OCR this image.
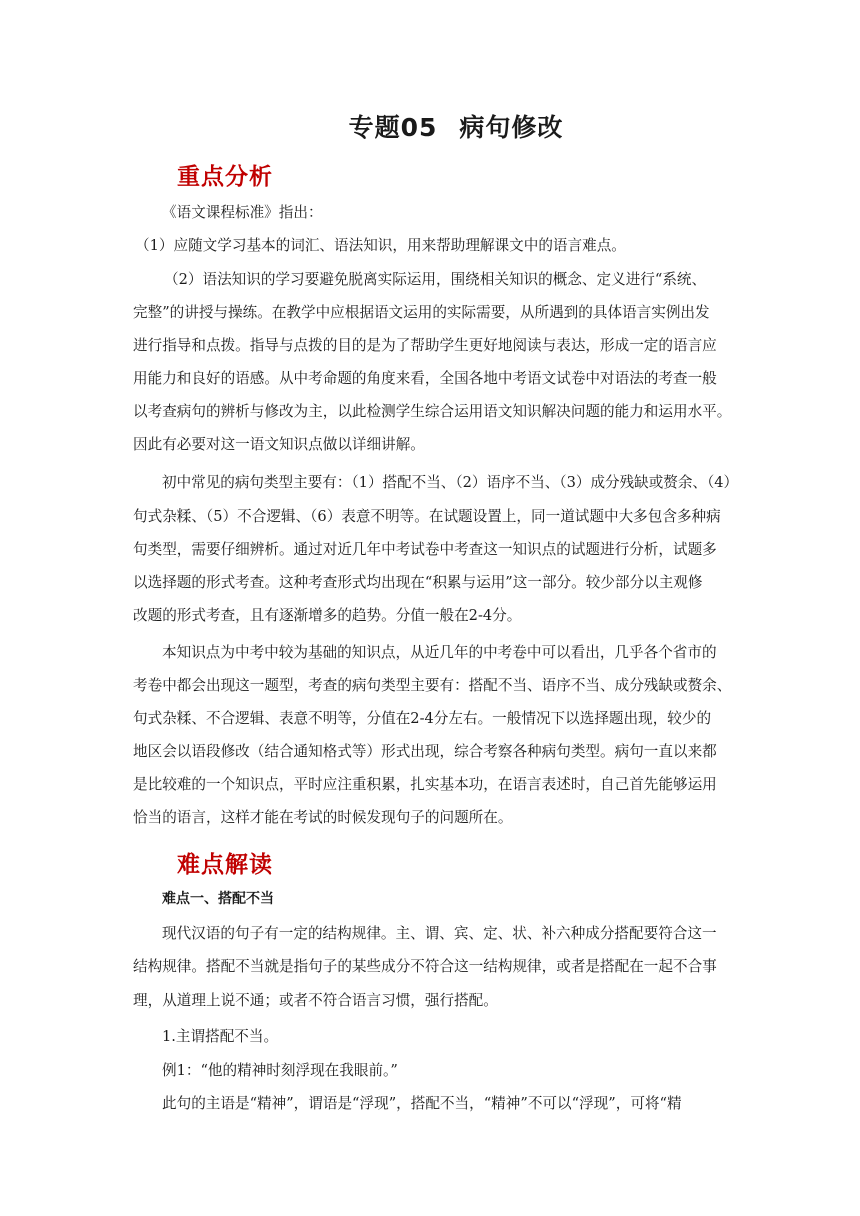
专题05 病句修改
重点分析
《语文课程标准》指出：
（1）应随文学习基本的词汇、语法知识，用来帮助理解课文中的语言难点。
（2）语法知识的学习要避免脱离实际运用，围绕相关知识的概念、定义进行“系统、
完整”的讲授与操练。在教学中应根据语文运用的实际需要，从所遇到的具体语言实例出发
进行指导和点拨。指导与点拨的目的是为了帮助学生更好地阅读与表达，形成一定的语言应
用能力和良好的语感。从中考命题的角度来看，全国各地中考语文试卷中对语法的考查一般
以考查病句的辨析与修改为主，以此检测学生综合运用语文知识解决问题的能力和运用水平。
因此有必要对这一语文知识点做以详细讲解。
初中常见的病句类型主要有：（1）搭配不当、（2）语序不当、（3）成分残缺或赘余、（4）
句式杂糅、（5）不合逻辑、（6）表意不明等。在试题设置上，同一道试题中大多包含多种病
句类型，需要仔细辨析。通过对近几年中考试卷中考查这一知识点的试题进行分析，试题多
以选择题的形式考查。这种考查形式均出现在“积累与运用”这一部分。较少部分以主观修
改题的形式考查，且有逐渐增多的趋势。分值一般在2-4分。
本知识点为中考中较为基础的知识点，从近几年的中考卷中可以看出，几乎各个省市的
考卷中都会出现这一题型，考查的病句类型主要有：搭配不当、语序不当、成分残缺或赘余、
句式杂糅、不合逻辑、表意不明等，分值在2-4分左右。一般情况下以选择题出现，较少的
地区会以语段修改（结合通知格式等）形式出现，综合考察各种病句类型。病句一直以来都
是比较难的一个知识点，平时应注重积累，扎实基本功，在语言表述时，自己首先能够运用
恰当的语言，这样才能在考试的时候发现句子的问题所在。
难点解读
难点一、搭配不当
现代汉语的句子有一定的结构规律。主、谓、宾、定、状、补六种成分搭配要符合这一
结构规律。搭配不当就是指句子的某些成分不符合这一结构规律，或者是搭配在一起不合事
理，从道理上说不通；或者不符合语言习惯，强行搭配。
1.主谓搭配不当。
例1：“他的精神时刻浮现在我眼前。”
此句的主语是“精神”，谓语是“浮现”，搭配不当，“精神”不可以“浮现”，可将“精
